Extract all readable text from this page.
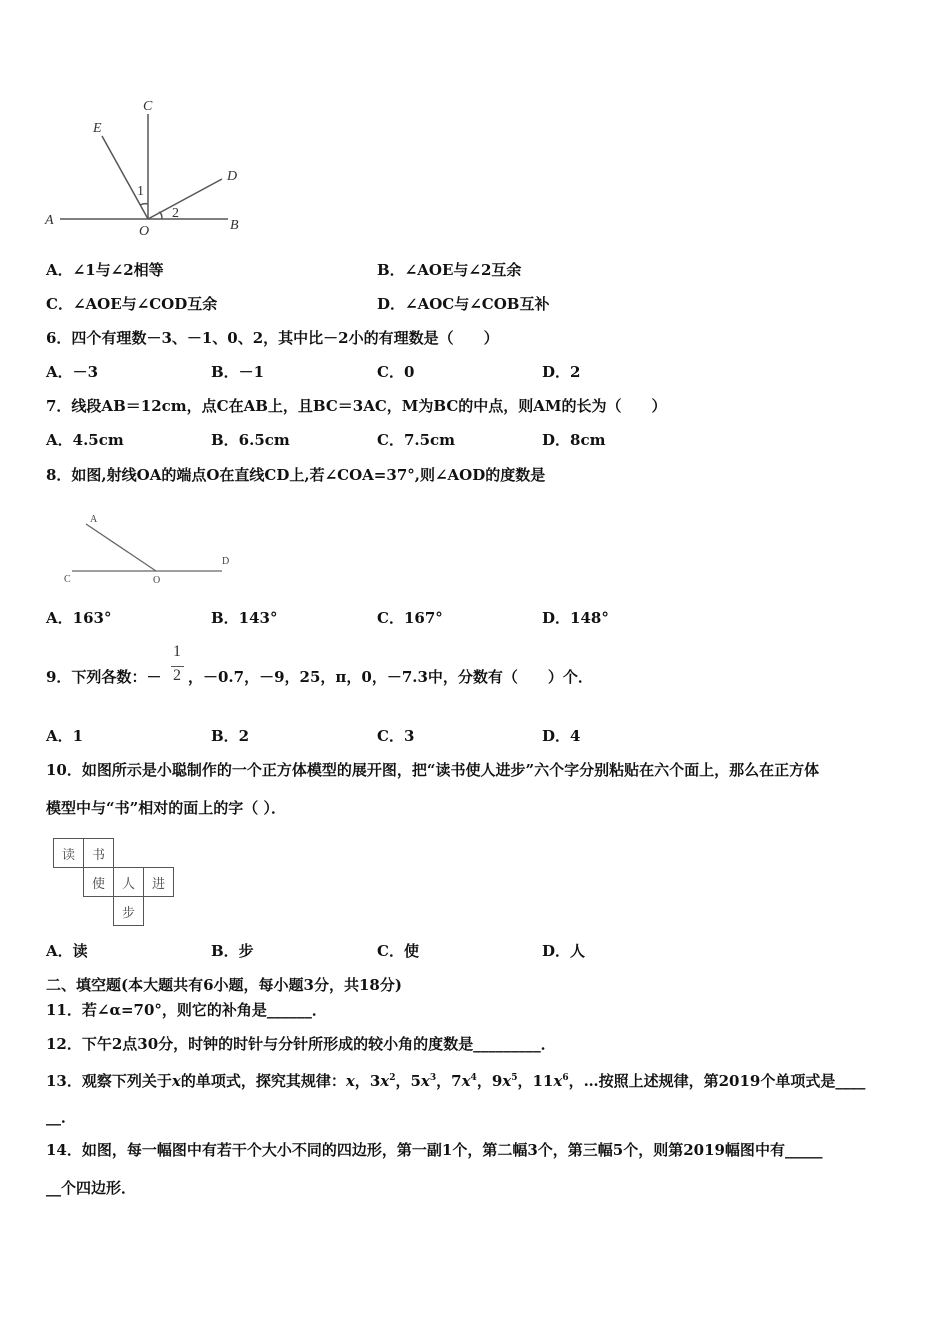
C
E
D
A
O	B
1
2
A．∠1与∠2相等	B．∠AOE与∠2互余
C．∠AOE与∠COD互余	D．∠AOC与∠COB互补
6．四个有理数－3、－1、0、2，其中比－2小的有理数是（　　）
A．－3	B．－1	C．0	D．2
7．线段AB＝12cm，点C在AB上，且BC＝3AC，M为BC的中点，则AM的长为（　　）
A．4.5cm	B．6.5cm	C．7.5cm	D．8cm
8．如图,射线OA的端点O在直线CD上,若∠COA=37°,则∠AOD的度数是
A
C	O
D
A．163°	B．143°	C．167°	D．148°
9．下列各数：－
1
2 ，－0.7，－9，25，π，0，－7.3中，分数有（　　）个．
A．1	B．2	C．3	D．4
10．如图所示是小聪制作的一个正方体模型的展开图，把“读书使人进步”六个字分别粘贴在六个面上，那么在正方体
模型中与“书”相对的面上的字（ ）．
读	书
使	人	进
步
A．读	B．步	C．使	D．人
二、填空题(本大题共有6小题，每小题3分，共18分)
11．若∠α=70°，则它的补角是______．
12．下午2点30分，时钟的时针与分针所形成的较小角的度数是_________．
13．观察下列关于x的单项式，探究其规律：x，$3x^2$，$5x^3$，$7x^4$，$9x^5$，$11x^6$，…按照上述规律，第2019个单项式是____
__．
14．如图，每一幅图中有若干个大小不同的四边形，第一副1个，第二幅3个，第三幅5个，则第2019幅图中有_____
__个四边形．
